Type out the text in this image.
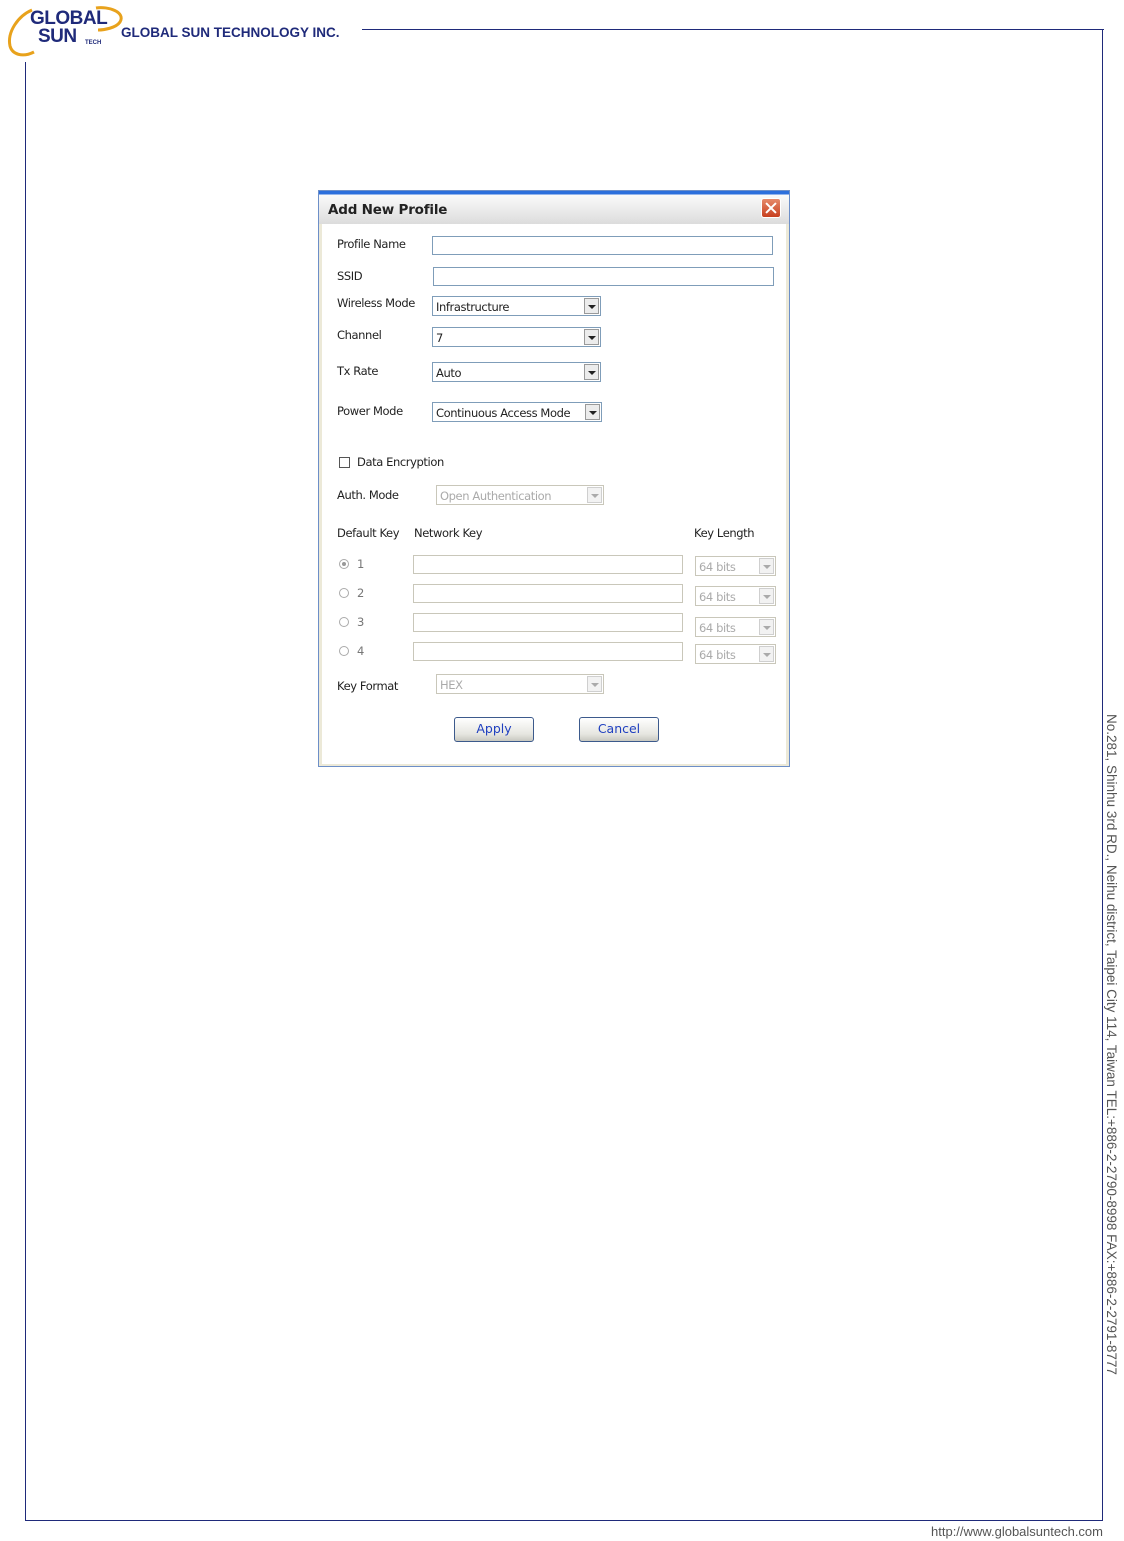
GLOBAL
SUN TECH
GLOBAL SUN TECHNOLOGY INC.
No.281, Shinhu 3rd RD., Neihu district, Taipei City 114, Taiwan TEL:+886-2-2790-8998 FAX:+886-2-2791-8777
http://www.globalsuntech.com
Add New Profile
Profile Name
SSID
Wireless Mode Infrastructure
Channel	7
Tx Rate	Auto
Power Mode	Continuous Access Mode
Data Encryption
Auth. Mode	Open Authentication
Default Key Network Key	Key Length
1	64 bits
2	64 bits
3	64 bits
4	64 bits
Key Format	HEX
Apply	Cancel
